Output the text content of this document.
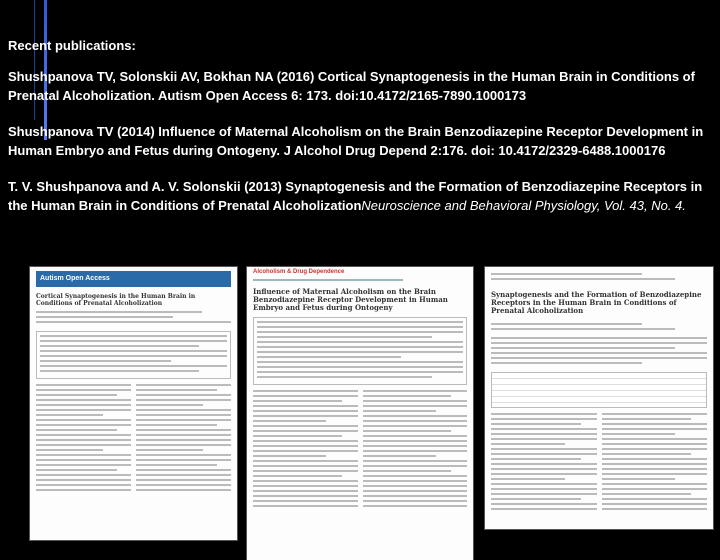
Recent publications:
Shushpanova TV, Solonskii AV, Bokhan NA (2016) Cortical Synaptogenesis in the Human Brain in Conditions of Prenatal Alcoholization. Autism Open Access 6: 173. doi:10.4172/2165-7890.1000173
Shushpanova TV (2014) Influence of Maternal Alcoholism on the Brain Benzodiazepine Receptor Development in Human Embryo and Fetus during Ontogeny. J Alcohol Drug Depend 2:176. doi: 10.4172/2329-6488.1000176
T. V. Shushpanova and A. V. Solonskii (2013) Synaptogenesis and the Formation of Benzodiazepine Receptors in the Human Brain in Conditions of Prenatal AlcoholizationNeuroscience and Behavioral Physiology, Vol. 43, No. 4.
Autism Open Access
Cortical Synaptogenesis in the Human Brain in Conditions of Prenatal Alcoholization
Alcoholism & Drug Dependence
Influence of Maternal Alcoholism on the Brain Benzodiazepine Receptor Development in Human Embryo and Fetus during Ontogeny
Synaptogenesis and the Formation of Benzodiazepine Receptors in the Human Brain in Conditions of Prenatal Alcoholization
